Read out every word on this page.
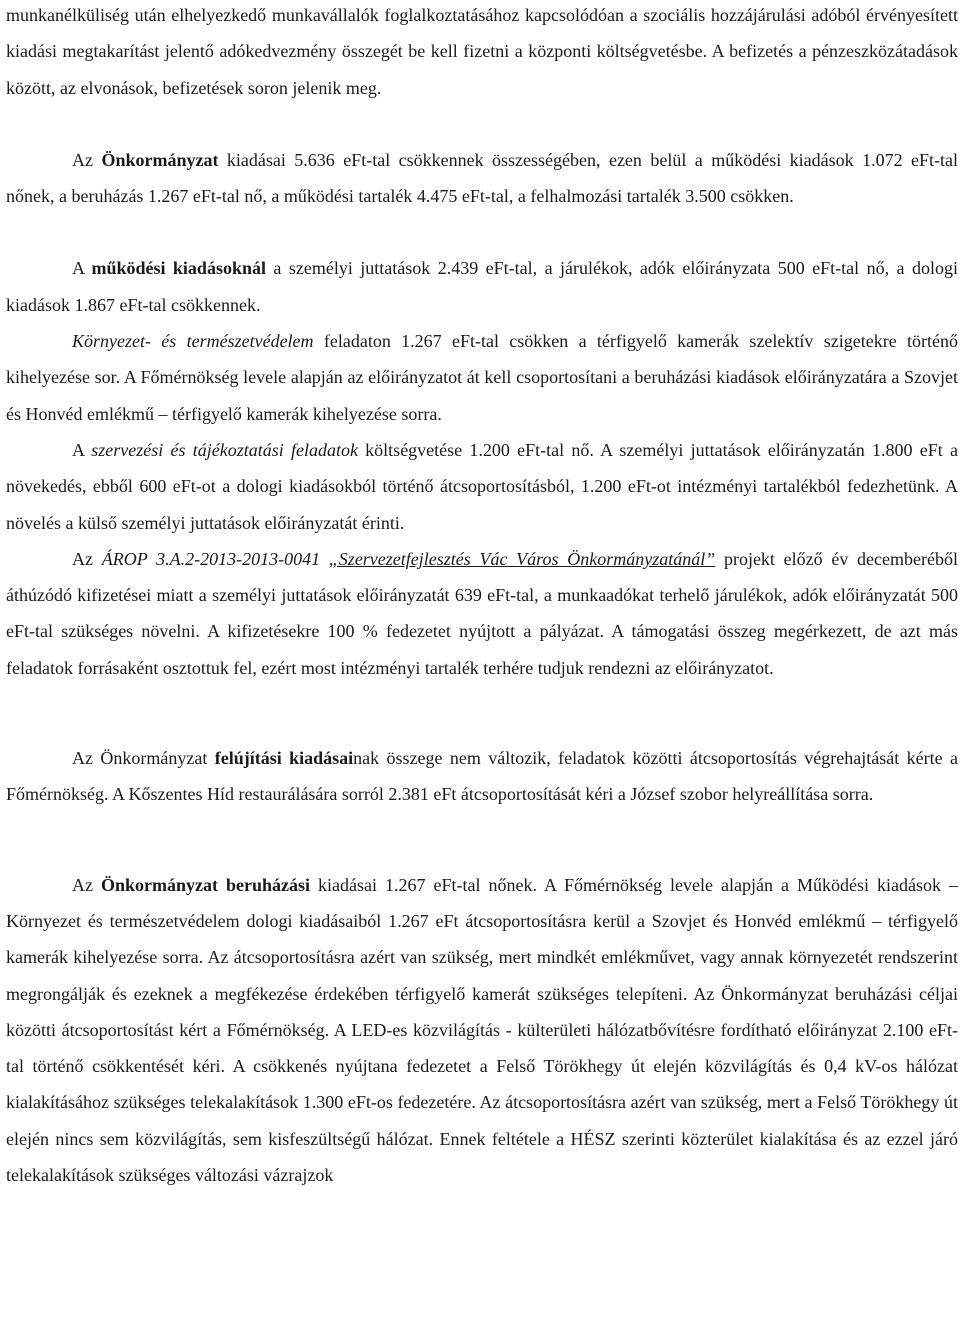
munkanélküliség után elhelyezkedő munkavállalók foglalkoztatásához kapcsolódóan a szociális hozzájárulási adóból érvényesített kiadási megtakarítást jelentő adókedvezmény összegét be kell fizetni a központi költségvetésbe. A befizetés a pénzeszközátadások között, az elvonások, befizetések soron jelenik meg.

Az Önkormányzat kiadásai 5.636 eFt-tal csökkennek összességében, ezen belül a működési kiadások 1.072 eFt-tal nőnek, a beruházás 1.267 eFt-tal nő, a működési tartalék 4.475 eFt-tal, a felhalmozási tartalék 3.500 csökken.

A működési kiadásoknál a személyi juttatások 2.439 eFt-tal, a járulékok, adók előirányzata 500 eFt-tal nő, a dologi kiadások 1.867 eFt-tal csökkennek.

Környezet- és természetvédelem feladaton 1.267 eFt-tal csökken a térfigyelő kamerák szelektív szigetekre történő kihelyezése sor. A Főmérnökség levele alapján az előirányzatot át kell csoportosítani a beruházási kiadások előirányzatára a Szovjet és Honvéd emlékmű – térfigyelő kamerák kihelyezése sorra.

A szervezési és tájékoztatási feladatok költségvetése 1.200 eFt-tal nő. A személyi juttatások előirányzatán 1.800 eFt a növekedés, ebből 600 eFt-ot a dologi kiadásokból történő átcsoportosításból, 1.200 eFt-ot intézményi tartalékból fedezhetünk. A növelés a külső személyi juttatások előirányzatát érinti.

Az ÁROP 3.A.2-2013-2013-0041 „Szervezetfejlesztés Vác Város Önkormányzatánál” projekt előző év decemberéből áthúzódó kifizetései miatt a személyi juttatások előirányzatát 639 eFt-tal, a munkaadókat terhelő járulékok, adók előirányzatát 500 eFt-tal szükséges növelni. A kifizetésekre 100 % fedezetet nyújtott a pályázat. A támogatási összeg megérkezett, de azt más feladatok forrásaként osztottuk fel, ezért most intézményi tartalék terhére tudjuk rendezni az előirányzatot.

Az Önkormányzat felújítási kiadásainak összege nem változik, feladatok közötti átcsoportosítás végrehajtását kérte a Főmérnökség. A Kőszentes Híd restaurálására sorról 2.381 eFt átcsoportosítását kéri a József szobor helyreállítása sorra.

Az Önkormányzat beruházási kiadásai 1.267 eFt-tal nőnek. A Főmérnökség levele alapján a Működési kiadások – Környezet és természetvédelem dologi kiadásaiból 1.267 eFt átcsoportosításra kerül a Szovjet és Honvéd emlékmű – térfigyelő kamerák kihelyezése sorra. Az átcsoportosításra azért van szükség, mert mindkét emlékművet, vagy annak környezetét rendszerint megrongálják és ezeknek a megfékezése érdekében térfigyelő kamerát szükséges telepíteni. Az Önkormányzat beruházási céljai közötti átcsoportosítást kért a Főmérnökség. A LED-es közvilágítás - külterületi hálózatbővítésre fordítható előirányzat 2.100 eFt-tal történő csökkentését kéri. A csökkenés nyújtana fedezetet a Felső Törökhegy út elején közvilágítás és 0,4 kV-os hálózat kialakításához szükséges telekalakítások 1.300 eFt-os fedezetére. Az átcsoportosításra azért van szükség, mert a Felső Törökhegy út elején nincs sem közvilágítás, sem kisfeszültségű hálózat. Ennek feltétele a HÉSZ szerinti közterület kialakítása és az ezzel járó telekalakítások szükséges változási vázrajzok
